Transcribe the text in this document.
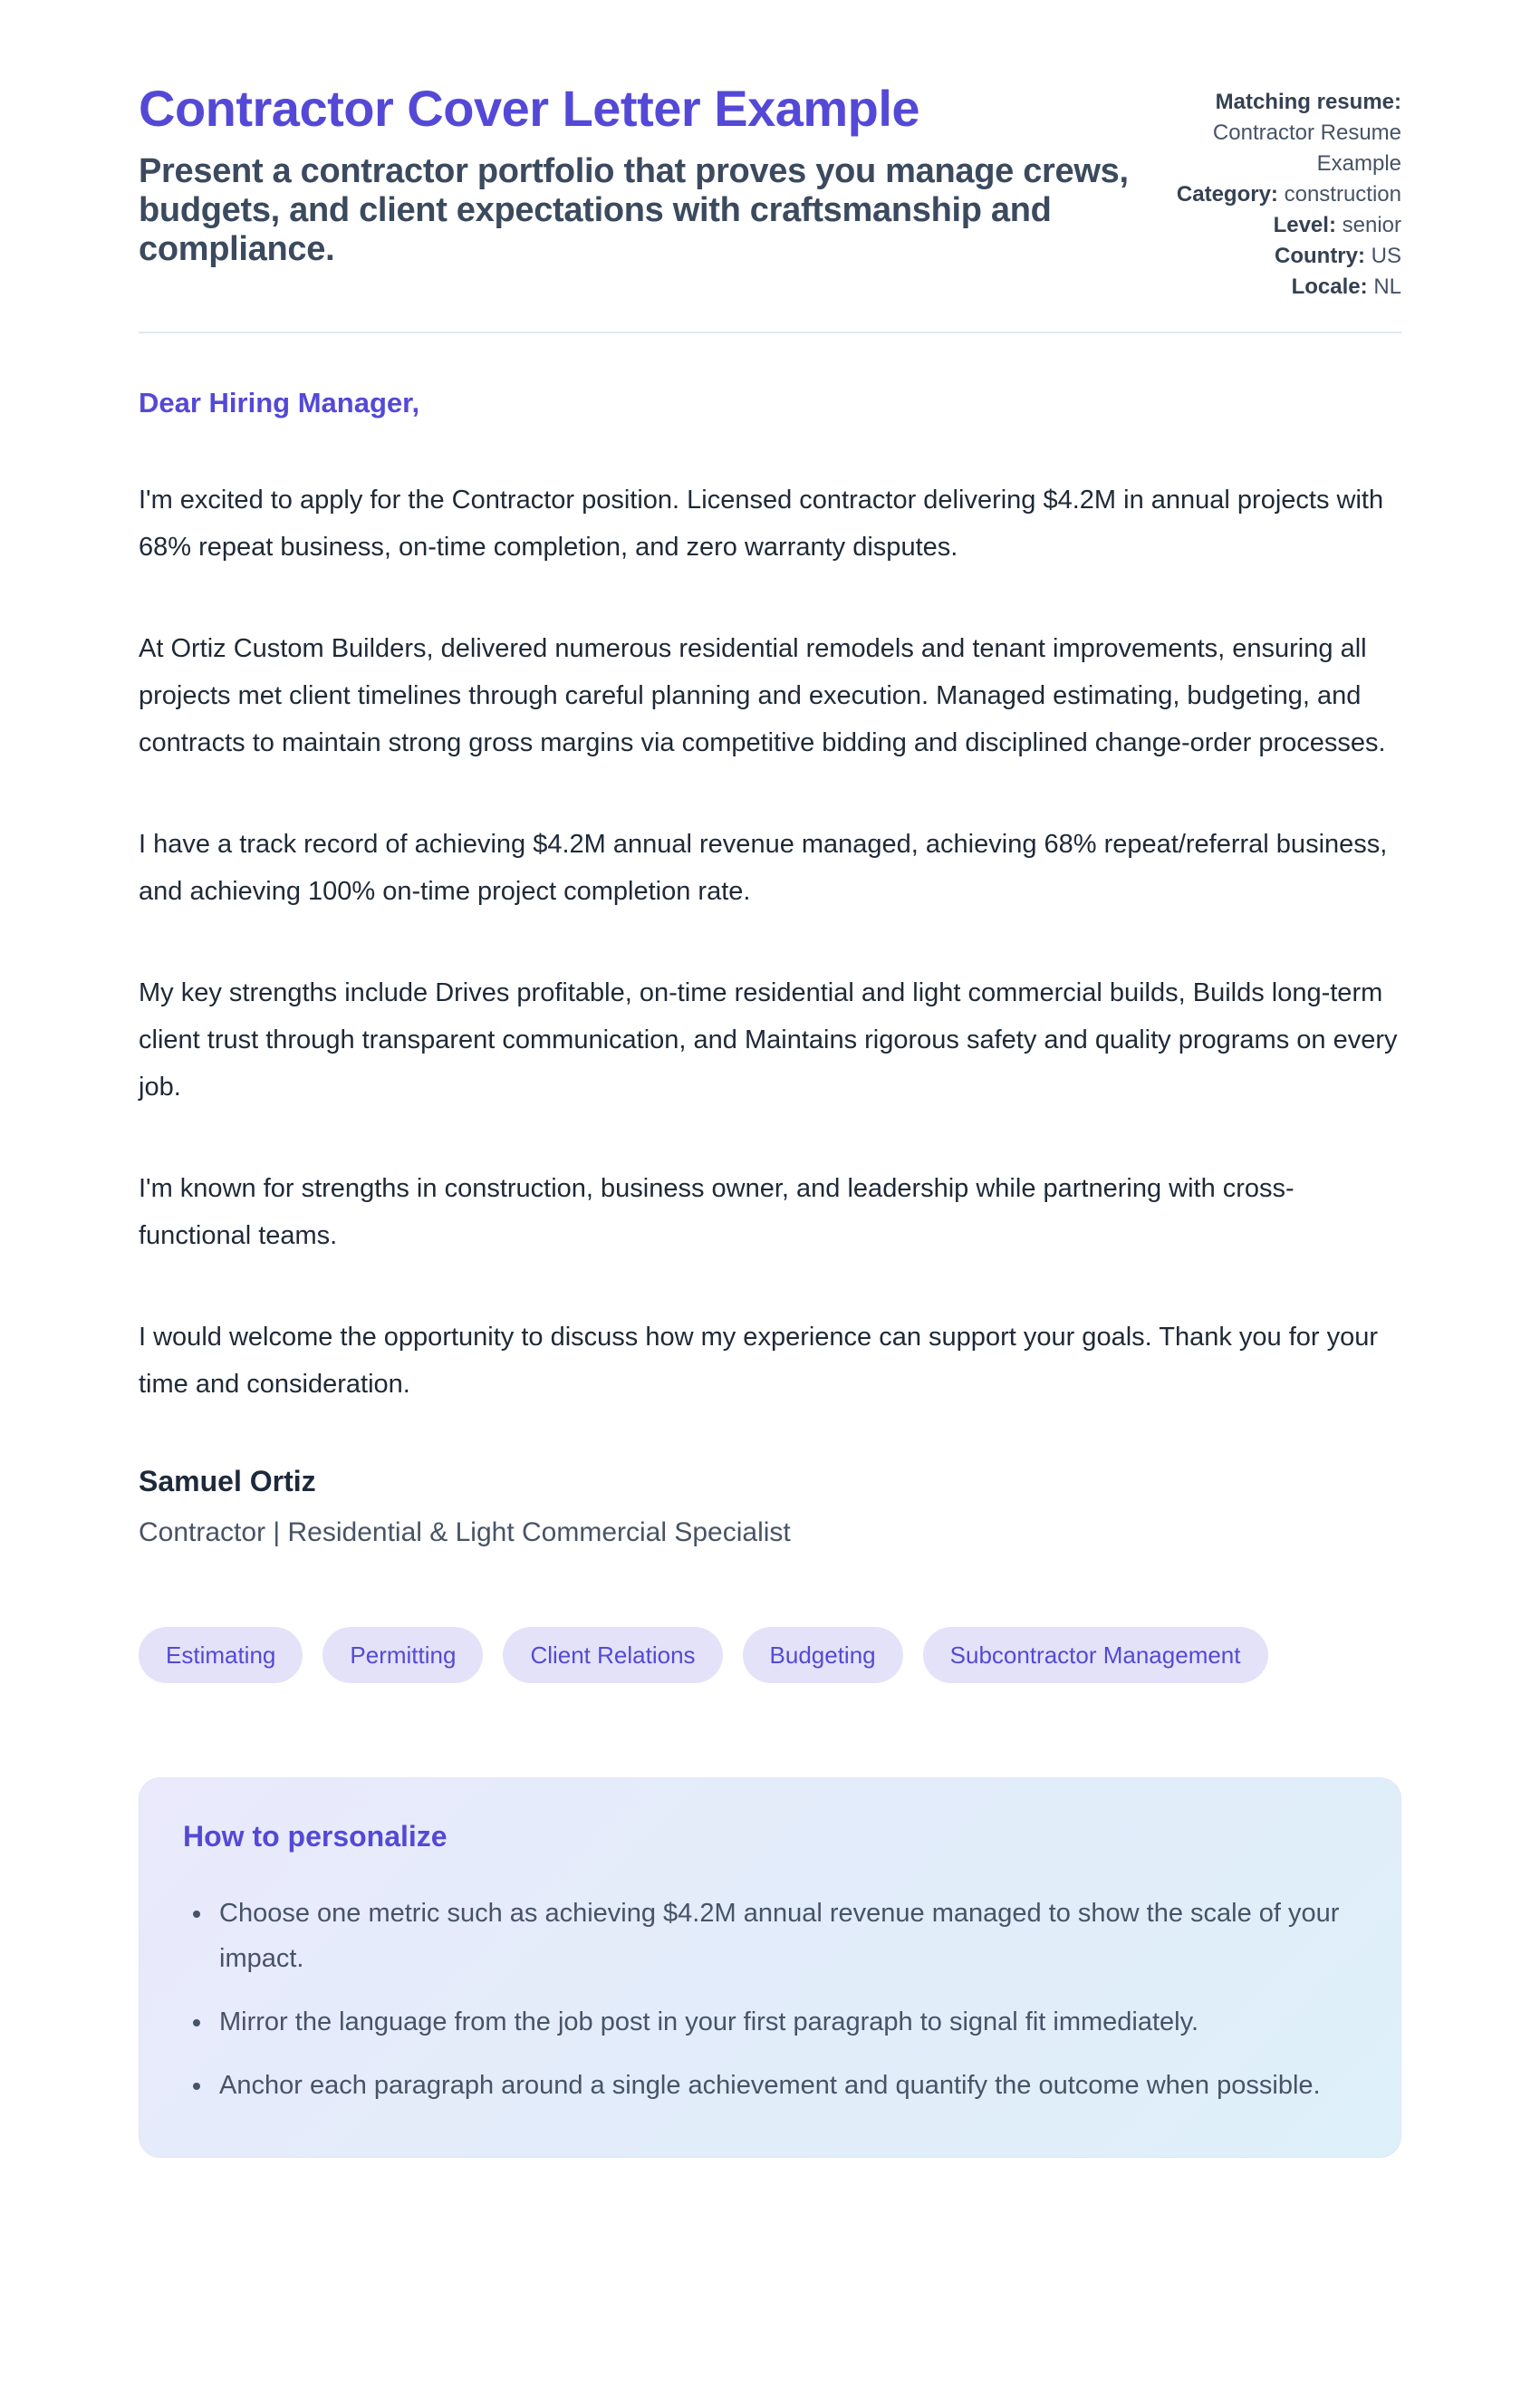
Contractor Cover Letter Example

Present a contractor portfolio that proves you manage crews, budgets, and client expectations with craftsmanship and compliance.

Matching resume: Contractor Resume Example
Category: construction
Level: senior
Country: US
Locale: NL

Dear Hiring Manager,

I'm excited to apply for the Contractor position. Licensed contractor delivering $4.2M in annual projects with 68% repeat business, on-time completion, and zero warranty disputes.

At Ortiz Custom Builders, delivered numerous residential remodels and tenant improvements, ensuring all projects met client timelines through careful planning and execution. Managed estimating, budgeting, and contracts to maintain strong gross margins via competitive bidding and disciplined change-order processes.

I have a track record of achieving $4.2M annual revenue managed, achieving 68% repeat/referral business, and achieving 100% on-time project completion rate.

My key strengths include Drives profitable, on-time residential and light commercial builds, Builds long-term client trust through transparent communication, and Maintains rigorous safety and quality programs on every job.

I'm known for strengths in construction, business owner, and leadership while partnering with cross-functional teams.

I would welcome the opportunity to discuss how my experience can support your goals. Thank you for your time and consideration.

Samuel Ortiz

Contractor | Residential & Light Commercial Specialist

Estimating	Permitting	Client Relations	Budgeting	Subcontractor Management
How to personalize
• Choose one metric such as achieving $4.2M annual revenue managed to show the scale of your impact.
• Mirror the language from the job post in your first paragraph to signal fit immediately.
• Anchor each paragraph around a single achievement and quantify the outcome when possible.
